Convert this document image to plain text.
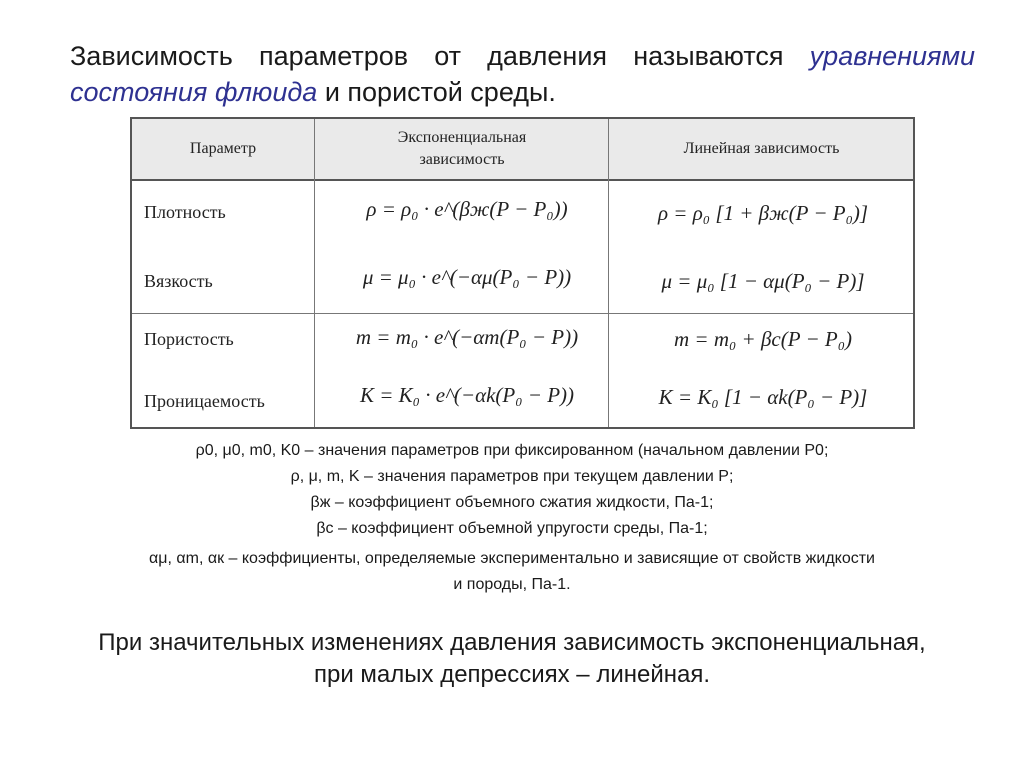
Зависимость параметров от давления называются уравнениями состояния флюида и пористой среды.
Параметр
Экспоненциальная зависимость
Линейная зависимость
Плотность
Вязкость
Пористость
Проницаемость
ρ = ρ₀ · e^(βж(P − P₀))
μ = μ₀ · e^(−αμ(P₀ − P))
m = m₀ · e^(−αm(P₀ − P))
K = K₀ · e^(−αk(P₀ − P))
ρ = ρ₀ [1 + βж(P − P₀)]
μ = μ₀ [1 − αμ(P₀ − P)]
m = m₀ + βc(P − P₀)
K = K₀ [1 − αk(P₀ − P)]
ρ0, μ0, m0, K0 – значения параметров при фиксированном (начальном давлении P0;
ρ, μ, m, K – значения параметров при текущем давлении P;
βж – коэффициент объемного сжатия жидкости, Па-1;
βс – коэффициент объемной упругости среды, Па-1;
αμ, αm, αк – коэффициенты, определяемые экспериментально и зависящие от свойств жидкости
и породы, Па-1.
При значительных изменениях давления зависимость экспоненциальная, при малых депрессиях – линейная.
